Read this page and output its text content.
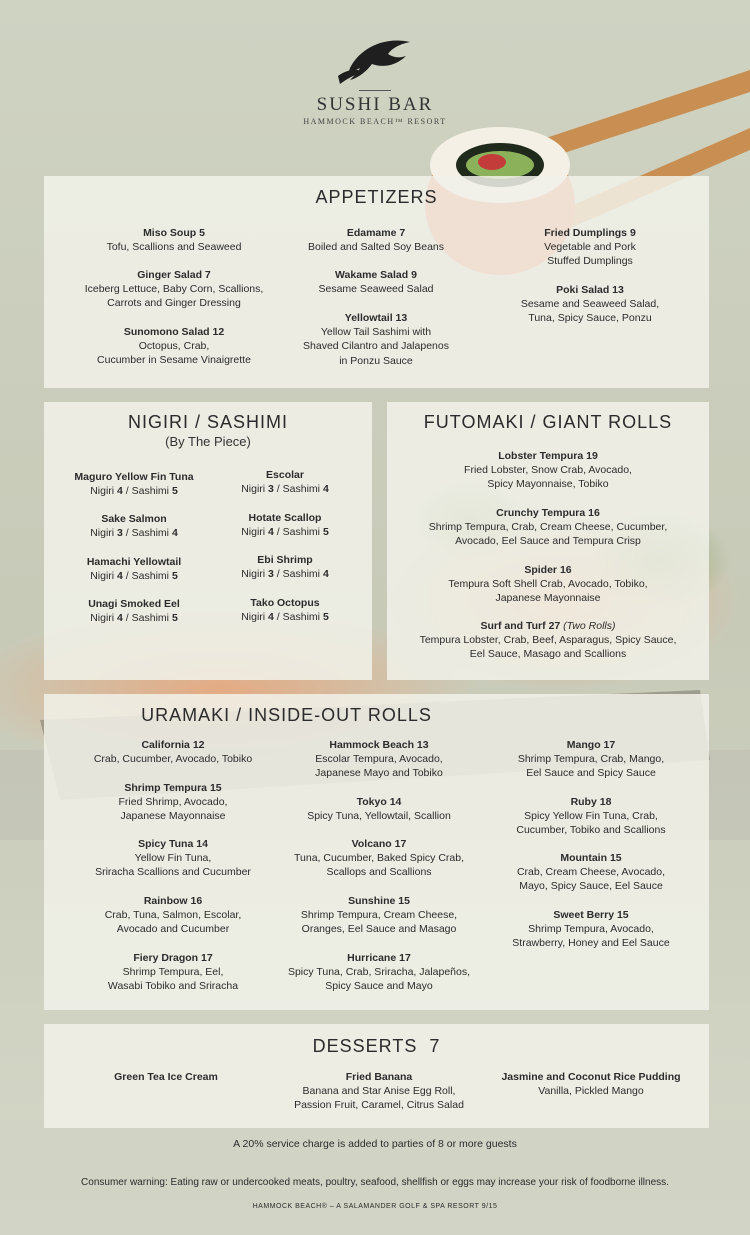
SUSHI BAR
HAMMOCK BEACH™ RESORT
APPETIZERS
Miso Soup 5
Tofu, Scallions and Seaweed
Ginger Salad 7
Iceberg Lettuce, Baby Corn, Scallions,
Carrots and Ginger Dressing
Sunomono Salad 12
Octopus, Crab,
Cucumber in Sesame Vinaigrette
Edamame 7
Boiled and Salted Soy Beans
Wakame Salad 9
Sesame Seaweed Salad
Yellowtail 13
Yellow Tail Sashimi with
Shaved Cilantro and Jalapenos
in Ponzu Sauce
Fried Dumplings 9
Vegetable and Pork
Stuffed Dumplings
Poki Salad 13
Sesame and Seaweed Salad,
Tuna, Spicy Sauce, Ponzu
NIGIRI / SASHIMI
(By The Piece)
Maguro Yellow Fin Tuna
Nigiri 4 / Sashimi 5
Sake Salmon
Nigiri 3 / Sashimi 4
Hamachi Yellowtail
Nigiri 4 / Sashimi 5
Unagi Smoked Eel
Nigiri 4 / Sashimi 5
Escolar
Nigiri 3 / Sashimi 4
Hotate Scallop
Nigiri 4 / Sashimi 5
Ebi Shrimp
Nigiri 3 / Sashimi 4
Tako Octopus
Nigiri 4 / Sashimi 5
FUTOMAKI / GIANT ROLLS
Lobster Tempura 19
Fried Lobster, Snow Crab, Avocado,
Spicy Mayonnaise, Tobiko
Crunchy Tempura 16
Shrimp Tempura, Crab, Cream Cheese, Cucumber,
Avocado, Eel Sauce and Tempura Crisp
Spider 16
Tempura Soft Shell Crab, Avocado, Tobiko,
Japanese Mayonnaise
Surf and Turf 27 (Two Rolls)
Tempura Lobster, Crab, Beef, Asparagus, Spicy Sauce,
Eel Sauce, Masago and Scallions
URAMAKI / INSIDE-OUT ROLLS
California 12
Crab, Cucumber, Avocado, Tobiko
Shrimp Tempura 15
Fried Shrimp, Avocado,
Japanese Mayonnaise
Spicy Tuna 14
Yellow Fin Tuna,
Sriracha Scallions and Cucumber
Rainbow 16
Crab, Tuna, Salmon, Escolar,
Avocado and Cucumber
Fiery Dragon 17
Shrimp Tempura, Eel,
Wasabi Tobiko and Sriracha
Hammock Beach 13
Escolar Tempura, Avocado,
Japanese Mayo and Tobiko
Tokyo 14
Spicy Tuna, Yellowtail, Scallion
Volcano 17
Tuna, Cucumber, Baked Spicy Crab,
Scallops and Scallions
Sunshine 15
Shrimp Tempura, Cream Cheese,
Oranges, Eel Sauce and Masago
Hurricane 17
Spicy Tuna, Crab, Sriracha, Jalapeños,
Spicy Sauce and Mayo
Mango 17
Shrimp Tempura, Crab, Mango,
Eel Sauce and Spicy Sauce
Ruby 18
Spicy Yellow Fin Tuna, Crab,
Cucumber, Tobiko and Scallions
Mountain 15
Crab, Cream Cheese, Avocado,
Mayo, Spicy Sauce, Eel Sauce
Sweet Berry 15
Shrimp Tempura, Avocado,
Strawberry, Honey and Eel Sauce
DESSERTS 7
Green Tea Ice Cream	Fried Banana
Banana and Star Anise Egg Roll,
Passion Fruit, Caramel, Citrus Salad
Jasmine and Coconut Rice Pudding
Vanilla, Pickled Mango
A 20% service charge is added to parties of 8 or more guests
Consumer warning: Eating raw or undercooked meats, poultry, seafood, shellfish or eggs may increase your risk of foodborne illness.
HAMMOCK BEACH® – A SALAMANDER GOLF & SPA RESORT 9/15
